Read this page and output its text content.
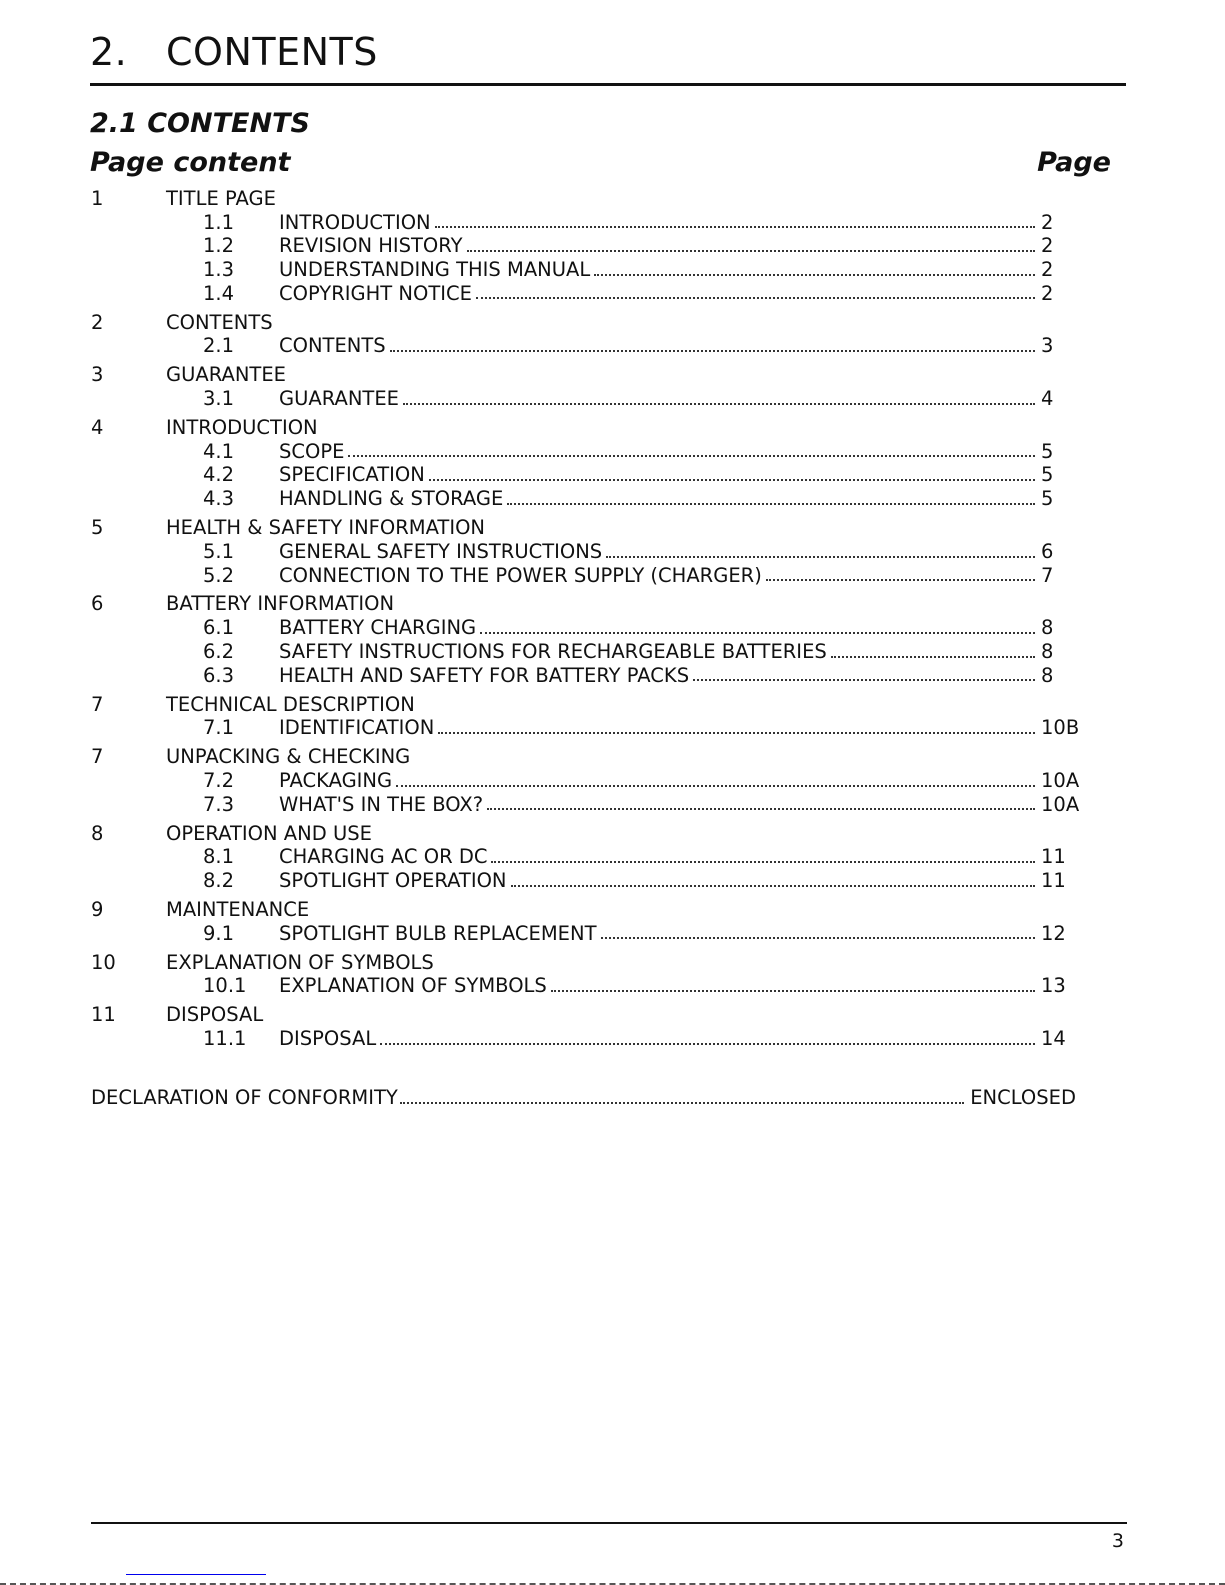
2. CONTENTS
2.1 CONTENTS
Page content	Page
1	TITLE PAGE
1.1	INTRODUCTION	2
1.2	REVISION HISTORY	2
1.3	UNDERSTANDING THIS MANUAL	2
1.4	COPYRIGHT NOTICE	2
2	CONTENTS
2.1	CONTENTS	3
3	GUARANTEE
3.1	GUARANTEE	4
4	INTRODUCTION
4.1	SCOPE	5
4.2	SPECIFICATION	5
4.3	HANDLING & STORAGE	5
5	HEALTH & SAFETY INFORMATION
5.1	GENERAL SAFETY INSTRUCTIONS	6
5.2	CONNECTION TO THE POWER SUPPLY (CHARGER)	7
6	BATTERY INFORMATION
6.1	BATTERY CHARGING	8
6.2	SAFETY INSTRUCTIONS FOR RECHARGEABLE BATTERIES	8
6.3	HEALTH AND SAFETY FOR BATTERY PACKS	8
7	TECHNICAL DESCRIPTION
7.1	IDENTIFICATION	10B
7	UNPACKING & CHECKING
7.2	PACKAGING	10A
7.3	WHAT'S IN THE BOX?	10A
8	OPERATION AND USE
8.1	CHARGING AC OR DC	11
8.2	SPOTLIGHT OPERATION	11
9	MAINTENANCE
9.1	SPOTLIGHT BULB REPLACEMENT	12
10	EXPLANATION OF SYMBOLS
10.1	EXPLANATION OF SYMBOLS	13
11	DISPOSAL
11.1	DISPOSAL	14
DECLARATION OF CONFORMITY	ENCLOSED
3
